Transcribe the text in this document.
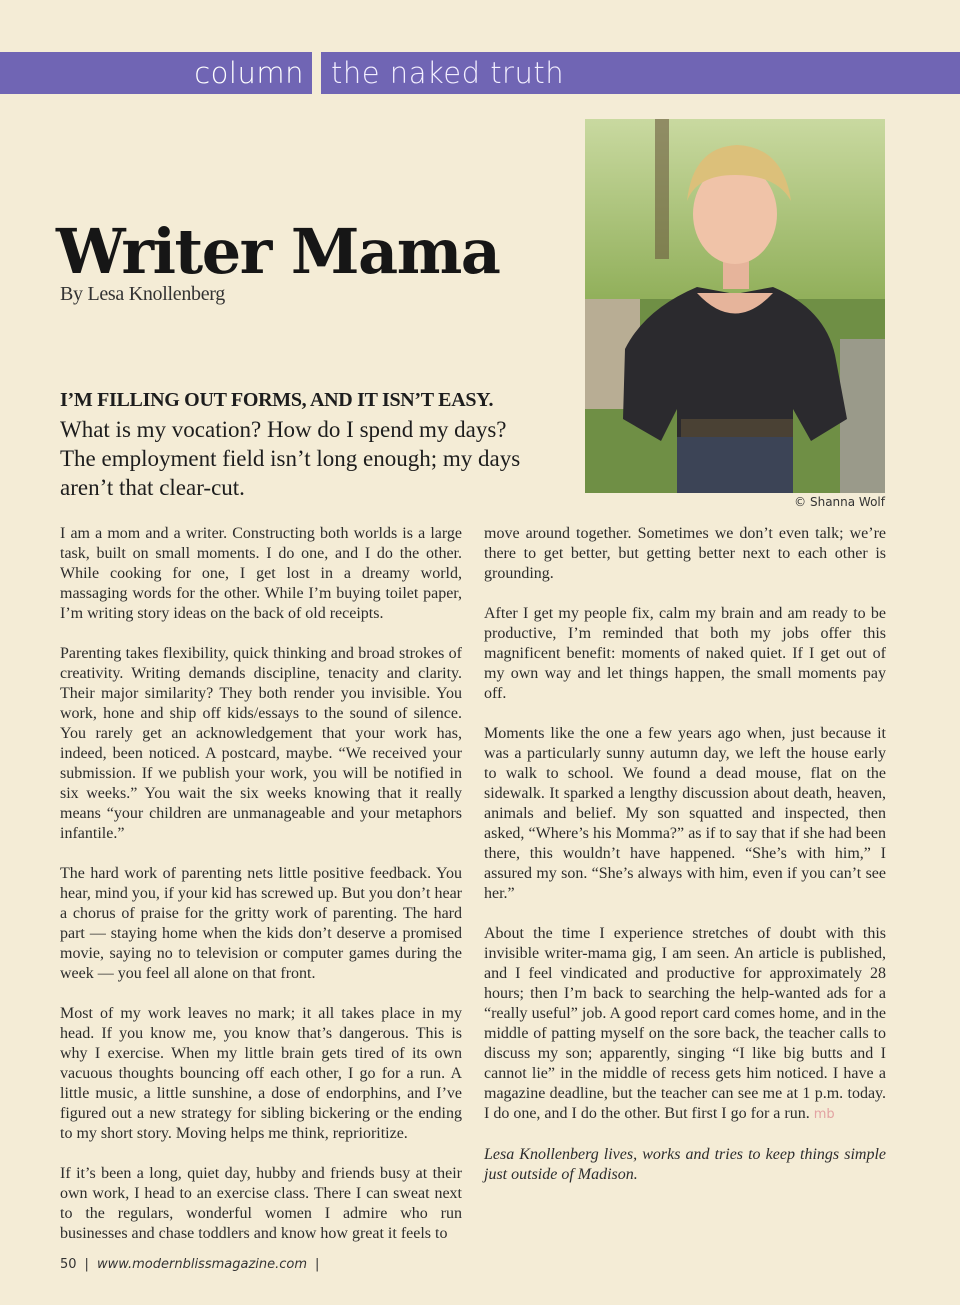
column the naked truth
Writer Mama
By Lesa Knollenberg
© Shanna Wolf
I’M FILLING OUT FORMS, AND IT ISN’T EASY. What is my vocation? How do I spend my days? The employment field isn’t long enough; my days aren’t that clear-cut.

I am a mom and a writer. Constructing both worlds is a large task, built on small moments. I do one, and I do the other. While cooking for one, I get lost in a dreamy world, massaging words for the other. While I’m buying toilet paper, I’m writing story ideas on the back of old receipts.

Parenting takes flexibility, quick thinking and broad strokes of creativity. Writing demands discipline, tenacity and clarity. Their major similarity? They both render you invisible. You work, hone and ship off kids/essays to the sound of silence. You rarely get an acknowledgement that your work has, indeed, been noticed. A postcard, maybe. “We received your submission. If we publish your work, you will be notified in six weeks.” You wait the six weeks knowing that it really means “your children are unmanageable and your metaphors infantile.”

The hard work of parenting nets little positive feedback. You hear, mind you, if your kid has screwed up. But you don’t hear a chorus of praise for the gritty work of parenting. The hard part — staying home when the kids don’t deserve a promised movie, saying no to television or computer games during the week — you feel all alone on that front.

Most of my work leaves no mark; it all takes place in my head. If you know me, you know that’s dangerous. This is why I exercise. When my little brain gets tired of its own vacuous thoughts bouncing off each other, I go for a run. A little music, a little sunshine, a dose of endorphins, and I’ve figured out a new strategy for sibling bickering or the ending to my short story. Moving helps me think, reprioritize.

If it’s been a long, quiet day, hubby and friends busy at their own work, I head to an exercise class. There I can sweat next to the regulars, wonderful women I admire who run businesses and chase toddlers and know how great it feels to

move around together. Sometimes we don’t even talk; we’re there to get better, but getting better next to each other is grounding.

After I get my people fix, calm my brain and am ready to be productive, I’m reminded that both my jobs offer this magnificent benefit: moments of naked quiet. If I get out of my own way and let things happen, the small moments pay off.

Moments like the one a few years ago when, just because it was a particularly sunny autumn day, we left the house early to walk to school. We found a dead mouse, flat on the sidewalk. It sparked a lengthy discussion about death, heaven, animals and belief. My son squatted and inspected, then asked, “Where’s his Momma?” as if to say that if she had been there, this wouldn’t have happened. “She’s with him,” I assured my son. “She’s always with him, even if you can’t see her.”

About the time I experience stretches of doubt with this invisible writer-mama gig, I am seen. An article is published, and I feel vindicated and productive for approximately 28 hours; then I’m back to searching the help-wanted ads for a “really useful” job. A good report card comes home, and in the middle of patting myself on the sore back, the teacher calls to discuss my son; apparently, singing “I like big butts and I cannot lie” in the middle of recess gets him noticed. I have a magazine deadline, but the teacher can see me at 1 p.m. today. I do one, and I do the other. But first I go for a run. mb

Lesa Knollenberg lives, works and tries to keep things simple just outside of Madison.

50 | www.modernblissmagazine.com |
